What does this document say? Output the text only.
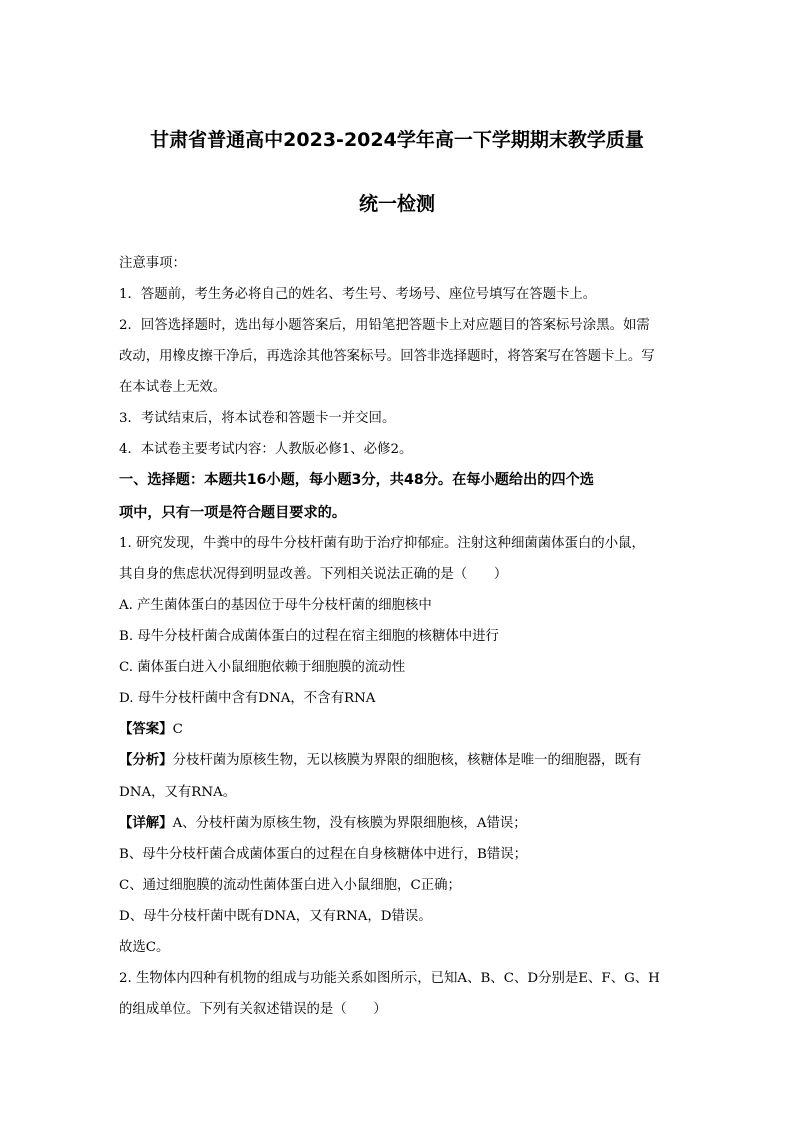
甘肃省普通高中2023-2024学年高一下学期期末教学质量
统一检测
注意事项：
1．答题前，考生务必将自己的姓名、考生号、考场号、座位号填写在答题卡上。
2．回答选择题时，选出每小题答案后，用铅笔把答题卡上对应题目的答案标号涂黑。如需
改动，用橡皮擦干净后，再选涂其他答案标号。回答非选择题时，将答案写在答题卡上。写
在本试卷上无效。
3．考试结束后，将本试卷和答题卡一并交回。
4．本试卷主要考试内容：人教版必修1、必修2。
一、选择题：本题共16小题，每小题3分，共48分。在每小题给出的四个选
项中，只有一项是符合题目要求的。
1. 研究发现，牛粪中的母牛分枝杆菌有助于治疗抑郁症。注射这种细菌菌体蛋白的小鼠，
其自身的焦虑状况得到明显改善。下列相关说法正确的是（　　）
A. 产生菌体蛋白的基因位于母牛分枝杆菌的细胞核中
B. 母牛分枝杆菌合成菌体蛋白的过程在宿主细胞的核糖体中进行
C. 菌体蛋白进入小鼠细胞依赖于细胞膜的流动性
D. 母牛分枝杆菌中含有DNA，不含有RNA
【答案】C
【分析】分枝杆菌为原核生物，无以核膜为界限的细胞核，核糖体是唯一的细胞器，既有
DNA，又有RNA。
【详解】A、分枝杆菌为原核生物，没有核膜为界限细胞核，A错误；
B、母牛分枝杆菌合成菌体蛋白的过程在自身核糖体中进行，B错误；
C、通过细胞膜的流动性菌体蛋白进入小鼠细胞，C正确；
D、母牛分枝杆菌中既有DNA，又有RNA，D错误。
故选C。
2. 生物体内四种有机物的组成与功能关系如图所示，已知A、B、C、D分别是E、F、G、H
的组成单位。下列有关叙述错误的是（　　）
